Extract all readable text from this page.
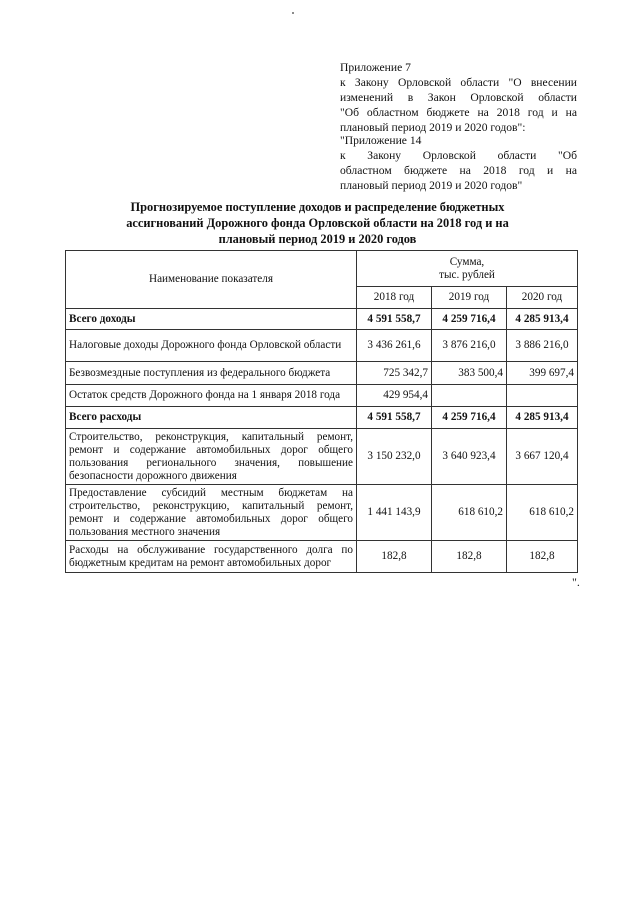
Приложение 7
к Закону Орловской области "О внесении
изменений в Закон Орловской области
"Об областном бюджете на 2018 год и на
плановый период 2019 и 2020 годов":
"Приложение 14
к Закону Орловской области "Об
областном бюджете на 2018 год и на
плановый период 2019 и 2020 годов"
Прогнозируемое поступление доходов и распределение бюджетных
ассигнований Дорожного фонда Орловской области на 2018 год и на
плановый период 2019 и 2020 годов
Наименование показателя	Сумма,
тыс. рублей		

	2018 год	2019 год	2020 год
Всего доходы	4 591 558,7	4 259 716,4	4 285 913,4
Налоговые доходы Дорожного фонда Орловской области	3 436 261,6	3 876 216,0	3 886 216,0
Безвозмездные поступления из федерального бюджета	725 342,7	383 500,4	399 697,4
Остаток средств Дорожного фонда на 1 января 2018 года	429 954,4		
Всего расходы	4 591 558,7	4 259 716,4	4 285 913,4
Строительство, реконструкция, капитальный ремонт, ремонт и содержание автомобильных дорог общего пользования регионального значения, повышение безопасности дорожного движения	3 150 232,0	3 640 923,4	3 667 120,4
Предоставление субсидий местным бюджетам на строительство, реконструкцию, капитальный ремонт, ремонт и содержание автомобильных дорог общего пользования местного значения	1 441 143,9	618 610,2	618 610,2
Расходы на обслуживание государственного долга по бюджетным кредитам на ремонт автомобильных дорог	182,8	182,8	182,8
".
